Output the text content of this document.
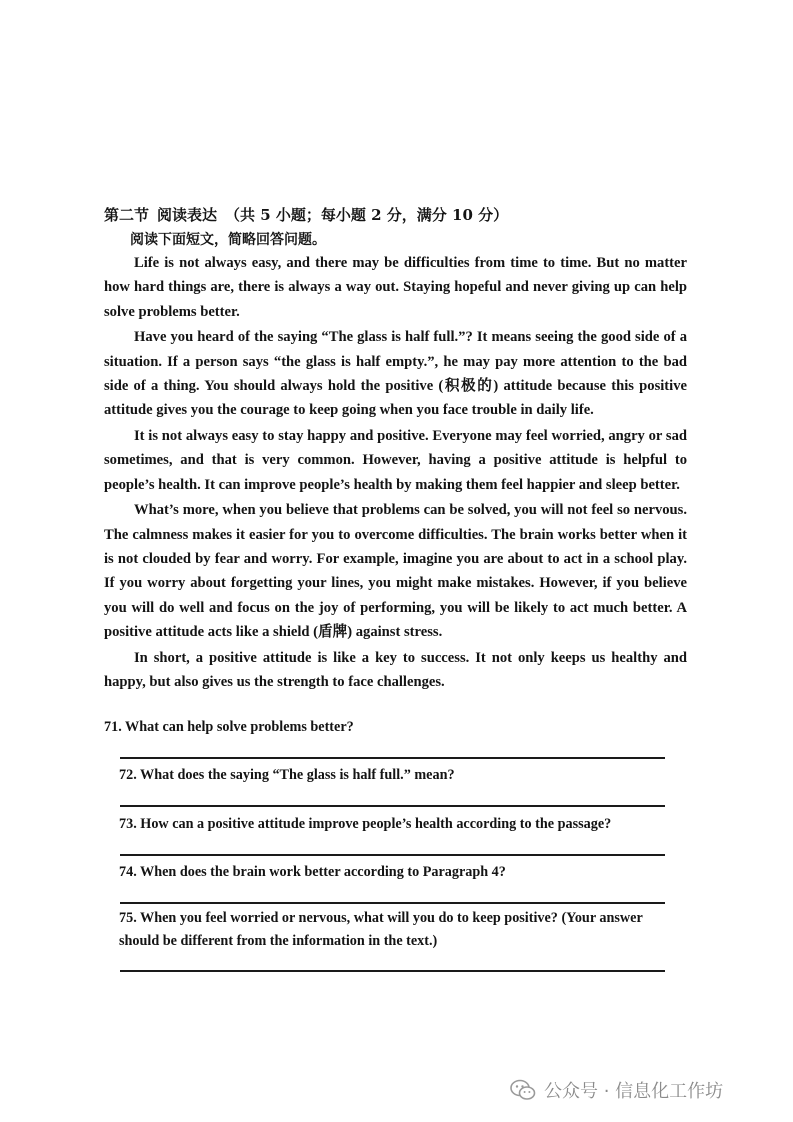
第二节 阅读表达 （共 5 小题；每小题 2 分，满分 10 分）
阅读下面短文，简略回答问题。

Life is not always easy, and there may be difficulties from time to time. But no matter how hard things are, there is always a way out. Staying hopeful and never giving up can help solve problems better.

Have you heard of the saying “The glass is half full.”? It means seeing the good side of a situation. If a person says “the glass is half empty.”, he may pay more attention to the bad side of a thing. You should always hold the positive (积极的) attitude because this positive attitude gives you the courage to keep going when you face trouble in daily life.

It is not always easy to stay happy and positive. Everyone may feel worried, angry or sad sometimes, and that is very common. However, having a positive attitude is helpful to people’s health. It can improve people’s health by making them feel happier and sleep better.

What’s more, when you believe that problems can be solved, you will not feel so nervous. The calmness makes it easier for you to overcome difficulties. The brain works better when it is not clouded by fear and worry. For example, imagine you are about to act in a school play. If you worry about forgetting your lines, you might make mistakes. However, if you believe you will do well and focus on the joy of performing, you will be likely to act much better. A positive attitude acts like a shield (盾牌) against stress.

In short, a positive attitude is like a key to success. It not only keeps us healthy and happy, but also gives us the strength to face challenges.

71. What can help solve problems better?
72. What does the saying “The glass is half full.” mean?
73. How can a positive attitude improve people’s health according to the passage?
74. When does the brain work better according to Paragraph 4?
75. When you feel worried or nervous, what will you do to keep positive? (Your answer should be different from the information in the text.)
公众号 · 信息化工作坊
